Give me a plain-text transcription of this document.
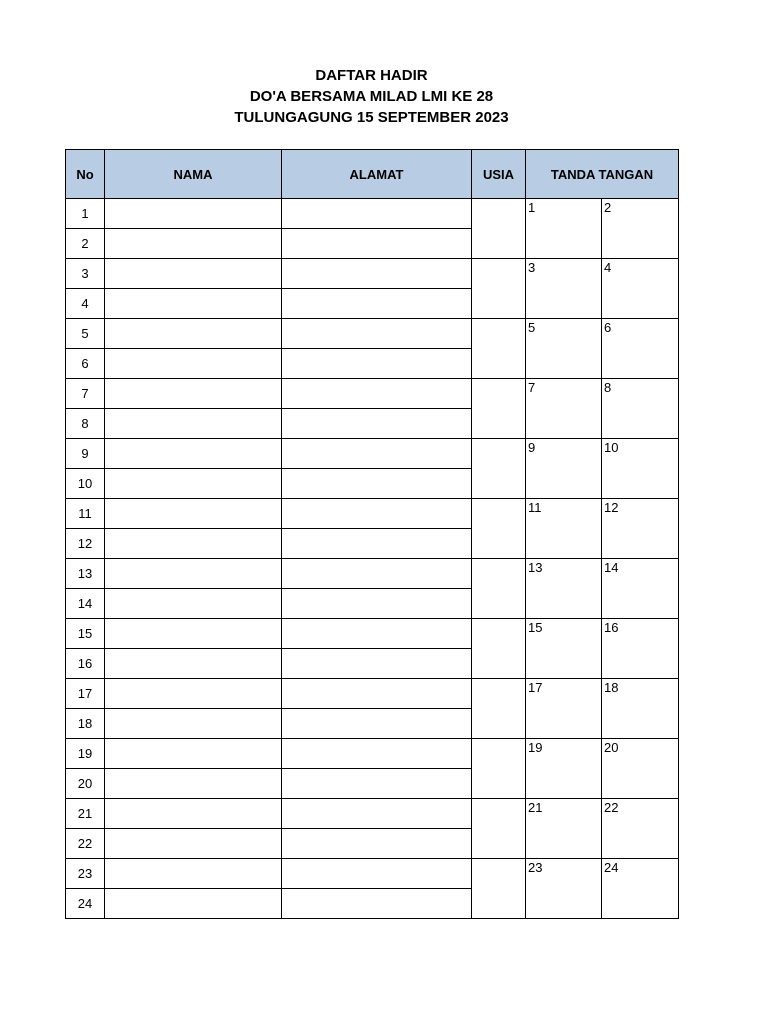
DAFTAR HADIR
DO'A BERSAMA MILAD LMI KE 28
TULUNGAGUNG 15 SEPTEMBER 2023
No	NAMA	ALAMAT	USIA	TANDA TANGAN	
1				1	2
2					
3				3	4
4					
5				5	6
6					
7				7	8
8					
9				9	10
10					
11				11	12
12					
13				13	14
14					
15				15	16
16					
17				17	18
18					
19				19	20
20					
21				21	22
22					
23				23	24
24					
